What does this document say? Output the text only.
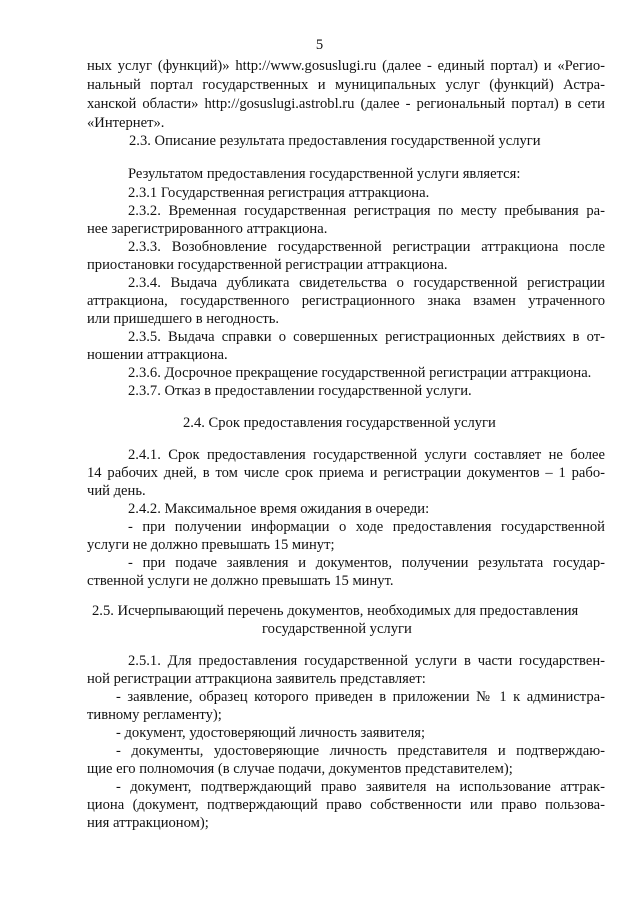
5
ных услуг (функций)» http://www.gosuslugi.ru (далее - единый портал) и «Регио-
нальный портал государственных и муниципальных услуг (функций) Астра-
ханской области» http://gosuslugi.astrobl.ru (далее - региональный портал) в сети
«Интернет».
2.3. Описание результата предоставления государственной услуги
Результатом предоставления государственной услуги является:
2.3.1 Государственная регистрация аттракциона.
2.3.2. Временная государственная регистрация по месту пребывания ра-
нее зарегистрированного аттракциона.
2.3.3. Возобновление государственной регистрации аттракциона после
приостановки государственной регистрации аттракциона.
2.3.4. Выдача дубликата свидетельства о государственной регистрации
аттракциона, государственного регистрационного знака взамен утраченного
или пришедшего в негодность.
2.3.5. Выдача справки о совершенных регистрационных действиях в от-
ношении аттракциона.
2.3.6. Досрочное прекращение государственной регистрации аттракциона.
2.3.7. Отказ в предоставлении государственной услуги.
2.4. Срок предоставления государственной услуги
2.4.1. Срок предоставления государственной услуги составляет не более
14 рабочих дней, в том числе срок приема и регистрации документов – 1 рабо-
чий день.
2.4.2. Максимальное время ожидания в очереди:
- при получении информации о ходе предоставления государственной
услуги не должно превышать 15 минут;
- при подаче заявления и документов, получении результата государ-
ственной услуги не должно превышать 15 минут.
2.5. Исчерпывающий перечень документов, необходимых для предоставления
государственной услуги
2.5.1. Для предоставления государственной услуги в части государствен-
ной регистрации аттракциона заявитель представляет:
- заявление, образец которого приведен в приложении № 1 к администра-
тивному регламенту);
- документ, удостоверяющий личность заявителя;
- документы, удостоверяющие личность представителя и подтверждаю-
щие его полномочия (в случае подачи, документов представителем);
- документ, подтверждающий право заявителя на использование аттрак-
циона (документ, подтверждающий право собственности или право пользова-
ния аттракционом);
